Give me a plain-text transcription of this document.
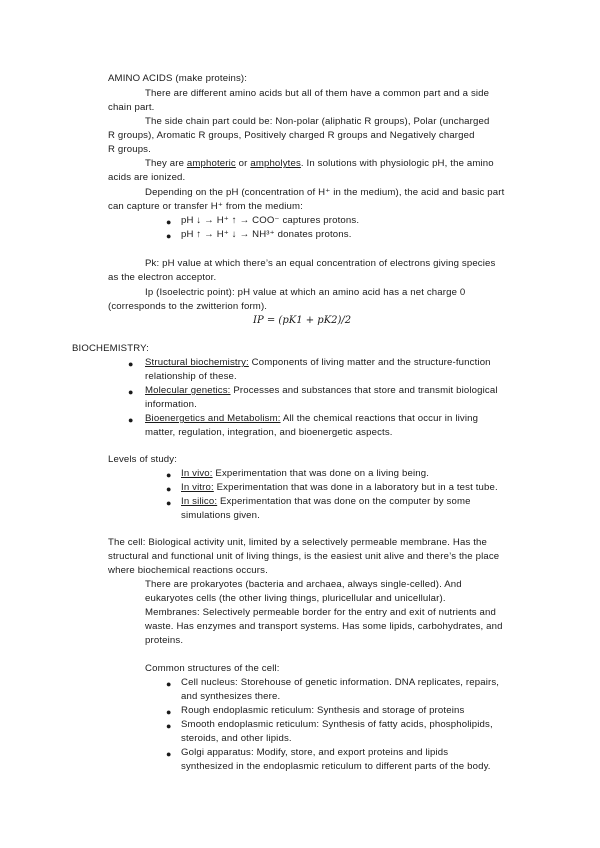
AMINO ACIDS (make proteins):
There are different amino acids but all of them have a common part and a side
chain part.
The side chain part could be: Non-polar (aliphatic R groups), Polar (uncharged
R groups), Aromatic R groups, Positively charged R groups and Negatively charged
R groups.
They are amphoteric or ampholytes. In solutions with physiologic pH, the amino
acids are ionized.
Depending on the pH (concentration of H⁺ in the medium), the acid and basic part
can capture or transfer H⁺ from the medium:
● pH ↓ → H⁺ ↑ → COO⁻ captures protons.
● pH ↑ → H⁺ ↓ → NH³⁺ donates protons.
Pk: pH value at which there’s an equal concentration of electrons giving species
as the electron acceptor.
Ip (Isoelectric point): pH value at which an amino acid has a net charge 0
(corresponds to the zwitterion form).
IP = (pK1 + pK2)/2
BIOCHEMISTRY:
● Structural biochemistry: Components of living matter and the structure-function
relationship of these.
● Molecular genetics: Processes and substances that store and transmit biological
information.
● Bioenergetics and Metabolism: All the chemical reactions that occur in living
matter, regulation, integration, and bioenergetic aspects.
Levels of study:
● In vivo: Experimentation that was done on a living being.
● In vitro: Experimentation that was done in a laboratory but in a test tube.
● In silico: Experimentation that was done on the computer by some
simulations given.
The cell: Biological activity unit, limited by a selectively permeable membrane. Has the
structural and functional unit of living things, is the easiest unit alive and there’s the place
where biochemical reactions occurs.
There are prokaryotes (bacteria and archaea, always single-celled). And
eukaryotes cells (the other living things, pluricellular and unicellular).
Membranes: Selectively permeable border for the entry and exit of nutrients and
waste. Has enzymes and transport systems. Has some lipids, carbohydrates, and
proteins.
Common structures of the cell:
● Cell nucleus: Storehouse of genetic information. DNA replicates, repairs,
and synthesizes there.
● Rough endoplasmic reticulum: Synthesis and storage of proteins
● Smooth endoplasmic reticulum: Synthesis of fatty acids, phospholipids,
steroids, and other lipids.
● Golgi apparatus: Modify, store, and export proteins and lipids
synthesized in the endoplasmic reticulum to different parts of the body.
